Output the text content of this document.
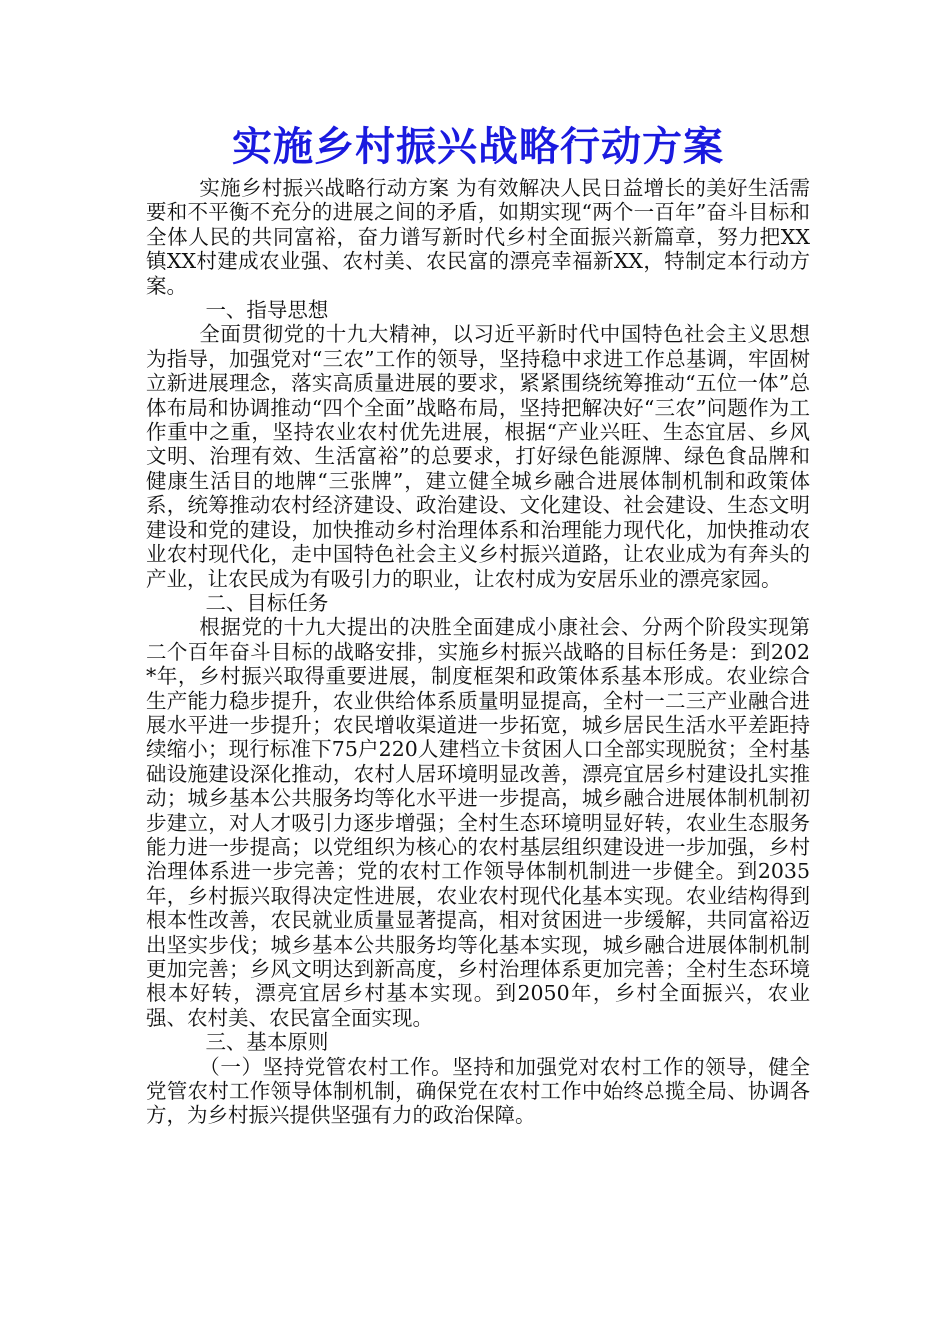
实施乡村振兴战略行动方案

实施乡村振兴战略行动方案 为有效解决人民日益增长的美好生活需要和不平衡不充分的进展之间的矛盾，如期实现“两个一百年”奋斗目标和全体人民的共同富裕，奋力谱写新时代乡村全面振兴新篇章，努力把XX镇XX村建成农业强、农村美、农民富的漂亮幸福新XX，特制定本行动方案。

一、指导思想

全面贯彻党的十九大精神，以习近平新时代中国特色社会主义思想为指导，加强党对“三农”工作的领导，坚持稳中求进工作总基调，牢固树立新进展理念，落实高质量进展的要求，紧紧围绕统筹推动“五位一体”总体布局和协调推动“四个全面”战略布局，坚持把解决好“三农”问题作为工作重中之重，坚持农业农村优先进展，根据“产业兴旺、生态宜居、乡风文明、治理有效、生活富裕”的总要求，打好绿色能源牌、绿色食品牌和健康生活目的地牌“三张牌”，建立健全城乡融合进展体制机制和政策体系，统筹推动农村经济建设、政治建设、文化建设、社会建设、生态文明建设和党的建设，加快推动乡村治理体系和治理能力现代化，加快推动农业农村现代化，走中国特色社会主义乡村振兴道路，让农业成为有奔头的产业，让农民成为有吸引力的职业，让农村成为安居乐业的漂亮家园。

二、目标任务

根据党的十九大提出的决胜全面建成小康社会、分两个阶段实现第二个百年奋斗目标的战略安排，实施乡村振兴战略的目标任务是：到202*年，乡村振兴取得重要进展，制度框架和政策体系基本形成。农业综合生产能力稳步提升，农业供给体系质量明显提高，全村一二三产业融合进展水平进一步提升；农民增收渠道进一步拓宽，城乡居民生活水平差距持续缩小；现行标准下75户220人建档立卡贫困人口全部实现脱贫；全村基础设施建设深化推动，农村人居环境明显改善，漂亮宜居乡村建设扎实推动；城乡基本公共服务均等化水平进一步提高，城乡融合进展体制机制初步建立，对人才吸引力逐步增强；全村生态环境明显好转，农业生态服务能力进一步提高；以党组织为核心的农村基层组织建设进一步加强，乡村治理体系进一步完善；党的农村工作领导体制机制进一步健全。到2035年，乡村振兴取得决定性进展，农业农村现代化基本实现。农业结构得到根本性改善，农民就业质量显著提高，相对贫困进一步缓解，共同富裕迈出坚实步伐；城乡基本公共服务均等化基本实现，城乡融合进展体制机制更加完善；乡风文明达到新高度，乡村治理体系更加完善；全村生态环境根本好转，漂亮宜居乡村基本实现。到2050年，乡村全面振兴，农业强、农村美、农民富全面实现。

三、基本原则

（一）坚持党管农村工作。坚持和加强党对农村工作的领导，健全党管农村工作领导体制机制，确保党在农村工作中始终总揽全局、协调各方，为乡村振兴提供坚强有力的政治保障。
